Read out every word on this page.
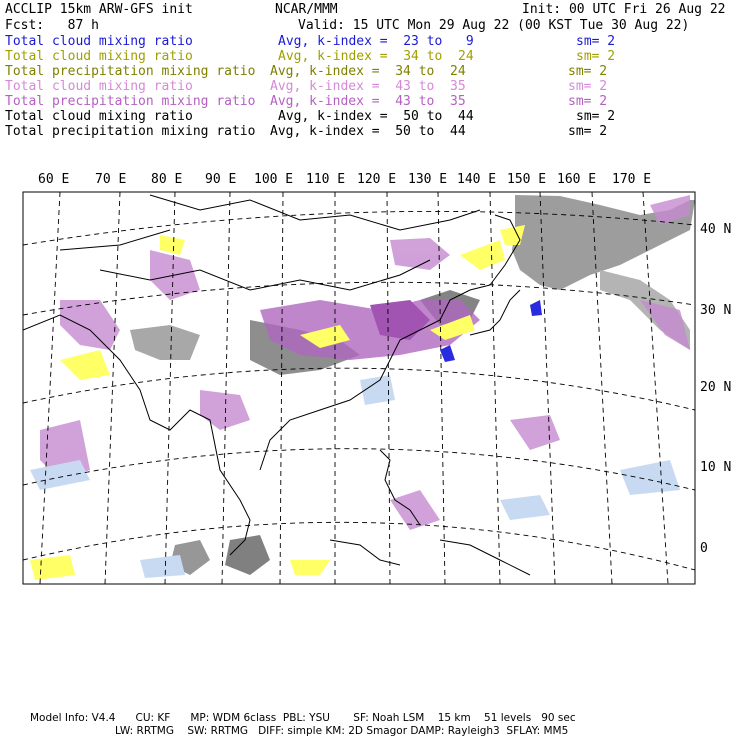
ACCLIP 15km ARW-GFS init	NCAR/MMM	Init: 00 UTC Fri 26 Aug 22
Fcst:   87 h	Valid: 15 UTC Mon 29 Aug 22 (00 KST Tue 30 Aug 22)
Total cloud mixing ratio	Avg, k-index =  23 to   9	sm= 2
Total cloud mixing ratio	Avg, k-index =  34 to  24	sm= 2
Total precipitation mixing ratio Avg, k-index =  34 to  24	sm= 2
Total cloud mixing ratio	Avg, k-index =  43 to  35	sm= 2
Total precipitation mixing ratio Avg, k-index =  43 to  35	sm= 2
Total cloud mixing ratio	Avg, k-index =  50 to  44	sm= 2
Total precipitation mixing ratio Avg, k-index =  50 to  44	sm= 2
60 E 70 E 80 E 90 E 100 E 110 E 120 E 130 E 140 E 150 E 160 E 170 E
40 N
30 N
20 N
10 N
0
Model Info: V4.4      CU: KF      MP: WDM 6class  PBL: YSU       SF: Noah LSM    15 km    51 levels   90 sec
LW: RRTMG    SW: RRTMG   DIFF: simple KM: 2D Smagor DAMP: Rayleigh3  SFLAY: MM5
